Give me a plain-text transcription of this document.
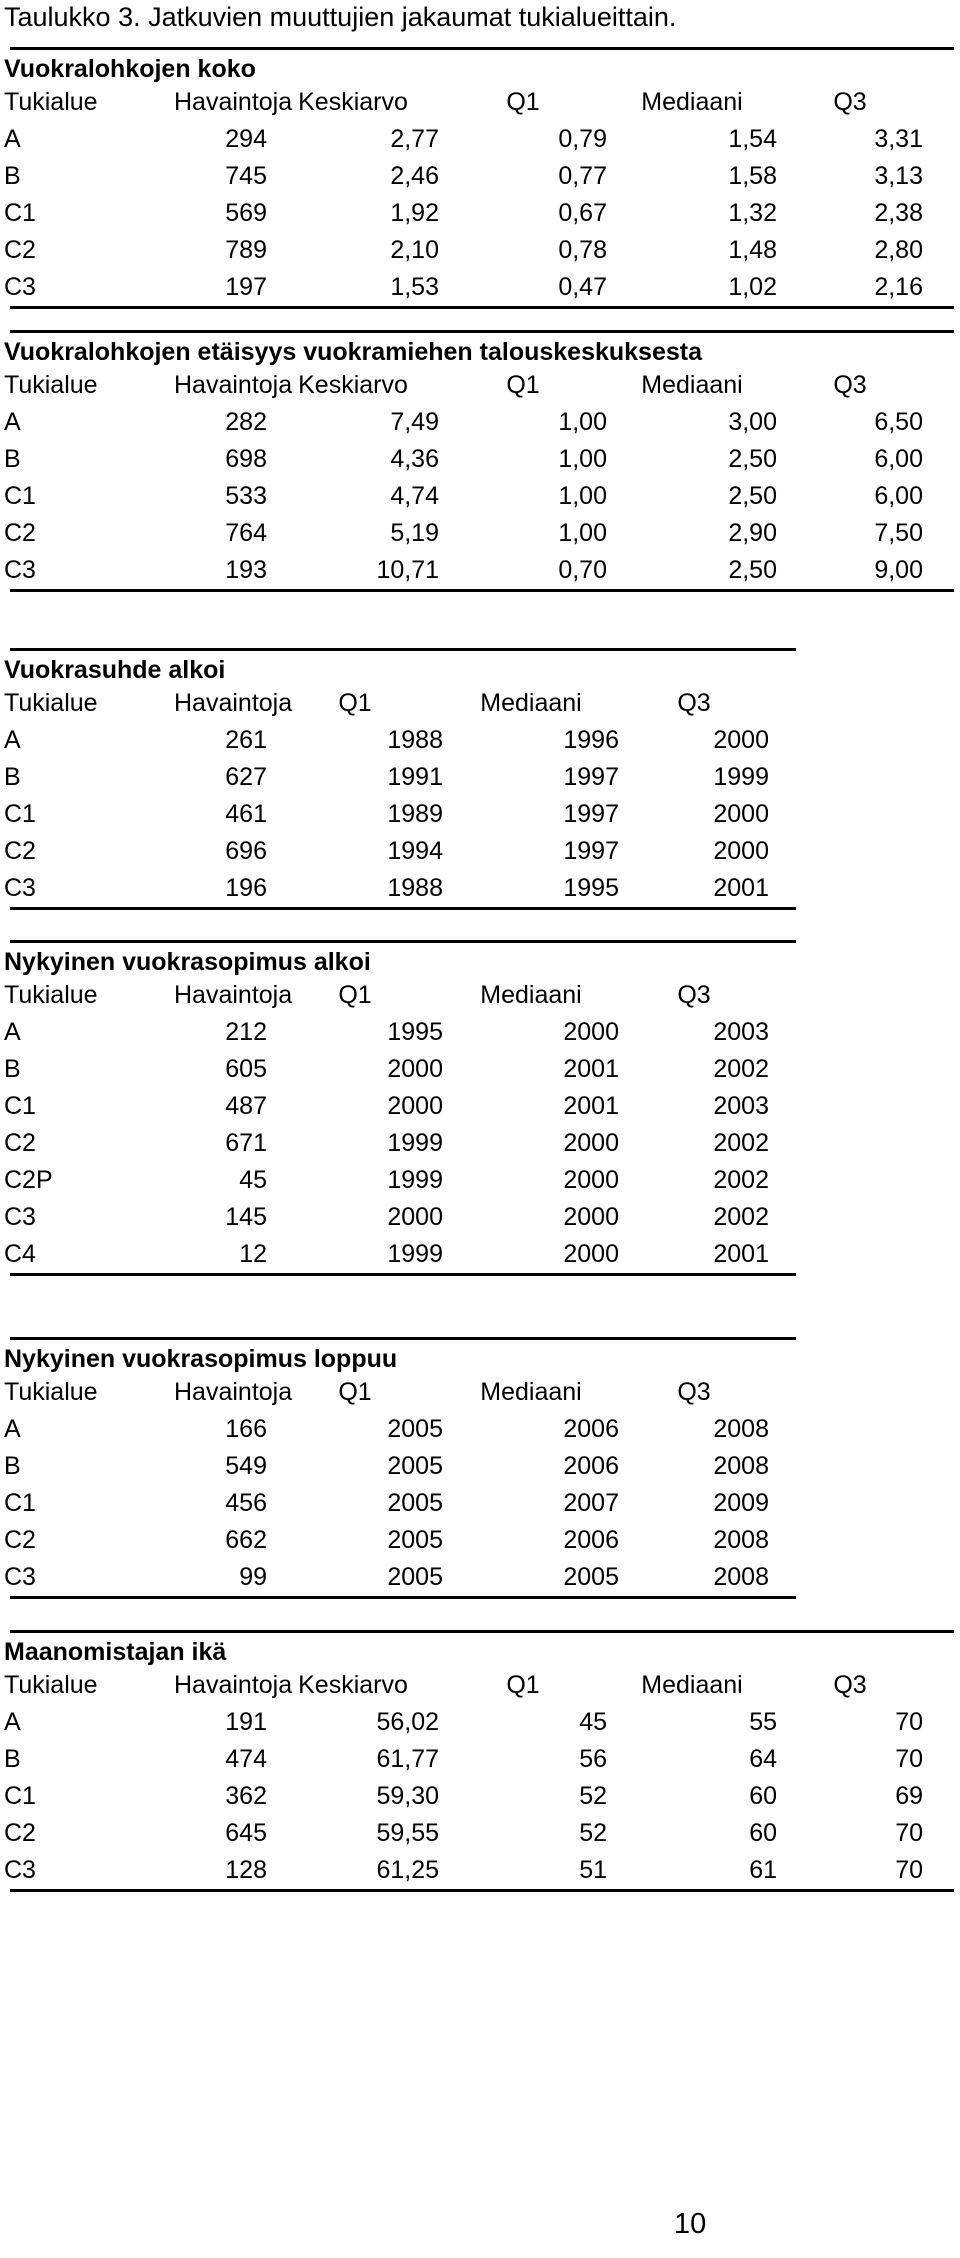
Taulukko 3. Jatkuvien muuttujien jakaumat tukialueittain.
Vuokralohkojen koko
Tukialue	Havaintoja Keskiarvo	Q1	Mediaani	Q3
A	294	2,77	0,79	1,54	3,31
B	745	2,46	0,77	1,58	3,13
C1	569	1,92	0,67	1,32	2,38
C2	789	2,10	0,78	1,48	2,80
C3	197	1,53	0,47	1,02	2,16
Vuokralohkojen etäisyys vuokramiehen talouskeskuksesta
Tukialue	Havaintoja Keskiarvo	Q1	Mediaani	Q3
A	282	7,49	1,00	3,00	6,50
B	698	4,36	1,00	2,50	6,00
C1	533	4,74	1,00	2,50	6,00
C2	764	5,19	1,00	2,90	7,50
C3	193	10,71	0,70	2,50	9,00
Vuokrasuhde alkoi
Tukialue	Havaintoja	Q1	Mediaani	Q3
A	261	1988	1996	2000
B	627	1991	1997	1999
C1	461	1989	1997	2000
C2	696	1994	1997	2000
C3	196	1988	1995	2001
Nykyinen vuokrasopimus alkoi
Tukialue	Havaintoja	Q1	Mediaani	Q3
A	212	1995	2000	2003
B	605	2000	2001	2002
C1	487	2000	2001	2003
C2	671	1999	2000	2002
C2P	45	1999	2000	2002
C3	145	2000	2000	2002
C4	12	1999	2000	2001
Nykyinen vuokrasopimus loppuu
Tukialue	Havaintoja	Q1	Mediaani	Q3
A	166	2005	2006	2008
B	549	2005	2006	2008
C1	456	2005	2007	2009
C2	662	2005	2006	2008
C3	99	2005	2005	2008
Maanomistajan ikä
Tukialue	Havaintoja Keskiarvo	Q1	Mediaani	Q3
A	191	56,02	45	55	70
B	474	61,77	56	64	70
C1	362	59,30	52	60	69
C2	645	59,55	52	60	70
C3	128	61,25	51	61	70
10
